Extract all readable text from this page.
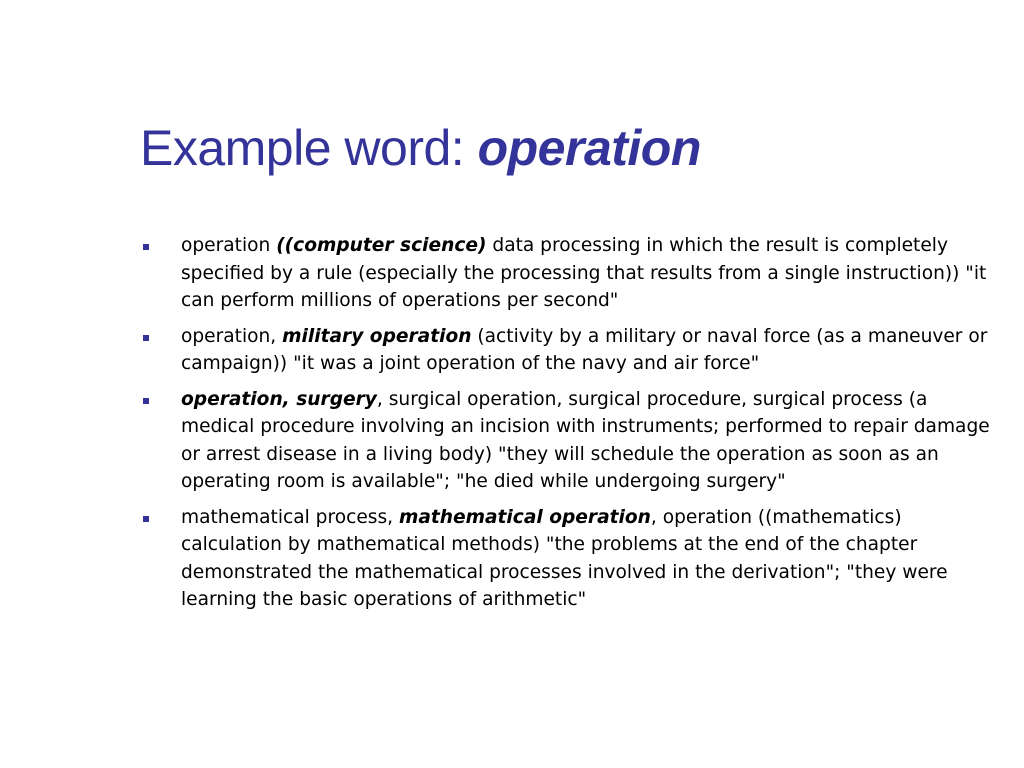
Example word: operation
operation ((computer science) data processing in which the result is completely specified by a rule (especially the processing that results from a single instruction)) "it can perform millions of operations per second"
operation, military operation (activity by a military or naval force (as a maneuver or campaign)) "it was a joint operation of the navy and air force"
operation, surgery, surgical operation, surgical procedure, surgical process (a medical procedure involving an incision with instruments; performed to repair damage or arrest disease in a living body) "they will schedule the operation as soon as an operating room is available"; "he died while undergoing surgery"
mathematical process, mathematical operation, operation ((mathematics) calculation by mathematical methods) "the problems at the end of the chapter demonstrated the mathematical processes involved in the derivation"; "they were learning the basic operations of arithmetic"
